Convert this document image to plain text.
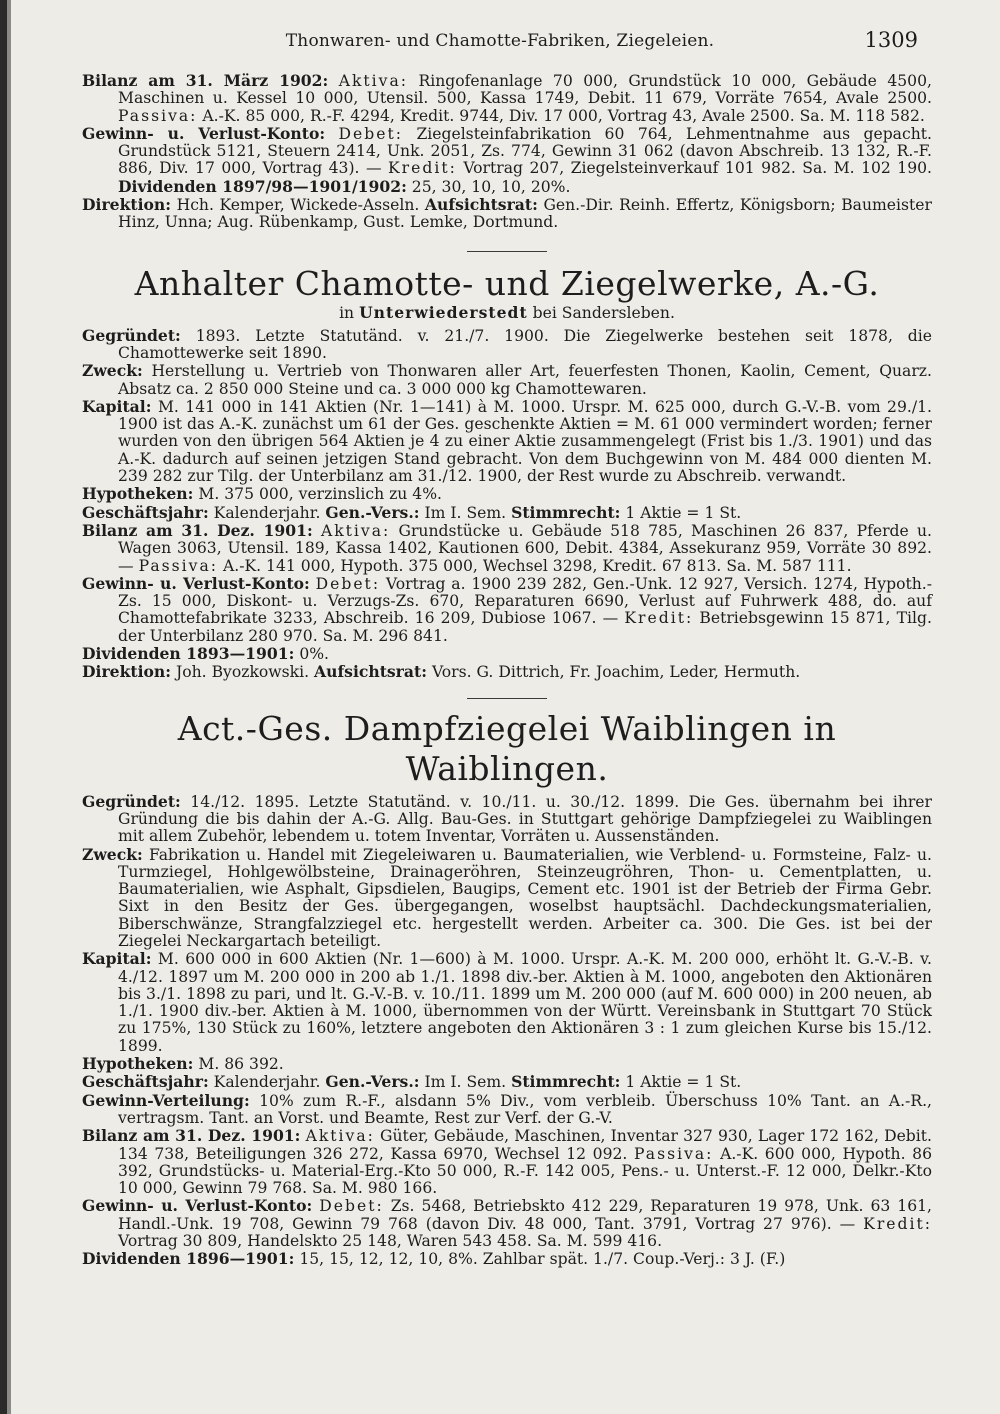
Thonwaren- und Chamotte-Fabriken, Ziegeleien.	1309

Bilanz am 31. März 1902: Aktiva: Ringofenanlage 70 000, Grundstück 10 000, Gebäude 4500, Maschinen u. Kessel 10 000, Utensil. 500, Kassa 1749, Debit. 11 679, Vorräte 7654, Avale 2500. Passiva: A.-K. 85 000, R.-F. 4294, Kredit. 9744, Div. 17 000, Vortrag 43, Avale 2500. Sa. M. 118 582.

Gewinn- u. Verlust-Konto: Debet: Ziegelsteinfabrikation 60 764, Lehmentnahme aus gepacht. Grundstück 5121, Steuern 2414, Unk. 2051, Zs. 774, Gewinn 31 062 (davon Abschreib. 13 132, R.-F. 886, Div. 17 000, Vortrag 43). — Kredit: Vortrag 207, Ziegelsteinverkauf 101 982. Sa. M. 102 190. Dividenden 1897/98—1901/1902: 25, 30, 10, 10, 20%.

Direktion: Hch. Kemper, Wickede-Asseln. Aufsichtsrat: Gen.-Dir. Reinh. Effertz, Königsborn; Baumeister Hinz, Unna; Aug. Rübenkamp, Gust. Lemke, Dortmund.

Anhalter Chamotte- und Ziegelwerke, A.-G.

in Unterwiederstedt bei Sandersleben.

Gegründet: 1893. Letzte Statutänd. v. 21./7. 1900. Die Ziegelwerke bestehen seit 1878, die Chamottewerke seit 1890.

Zweck: Herstellung u. Vertrieb von Thonwaren aller Art, feuerfesten Thonen, Kaolin, Cement, Quarz. Absatz ca. 2 850 000 Steine und ca. 3 000 000 kg Chamottewaren.

Kapital: M. 141 000 in 141 Aktien (Nr. 1—141) à M. 1000. Urspr. M. 625 000, durch G.-V.-B. vom 29./1. 1900 ist das A.-K. zunächst um 61 der Ges. geschenkte Aktien = M. 61 000 vermindert worden; ferner wurden von den übrigen 564 Aktien je 4 zu einer Aktie zusammengelegt (Frist bis 1./3. 1901) und das A.-K. dadurch auf seinen jetzigen Stand gebracht. Von dem Buchgewinn von M. 484 000 dienten M. 239 282 zur Tilg. der Unterbilanz am 31./12. 1900, der Rest wurde zu Abschreib. verwandt.

Hypotheken: M. 375 000, verzinslich zu 4%.

Geschäftsjahr: Kalenderjahr. Gen.-Vers.: Im I. Sem. Stimmrecht: 1 Aktie = 1 St.

Bilanz am 31. Dez. 1901: Aktiva: Grundstücke u. Gebäude 518 785, Maschinen 26 837, Pferde u. Wagen 3063, Utensil. 189, Kassa 1402, Kautionen 600, Debit. 4384, Assekuranz 959, Vorräte 30 892. — Passiva: A.-K. 141 000, Hypoth. 375 000, Wechsel 3298, Kredit. 67 813. Sa. M. 587 111.

Gewinn- u. Verlust-Konto: Debet: Vortrag a. 1900 239 282, Gen.-Unk. 12 927, Versich. 1274, Hypoth.-Zs. 15 000, Diskont- u. Verzugs-Zs. 670, Reparaturen 6690, Verlust auf Fuhrwerk 488, do. auf Chamottefabrikate 3233, Abschreib. 16 209, Dubiose 1067. — Kredit: Betriebsgewinn 15 871, Tilg. der Unterbilanz 280 970. Sa. M. 296 841.

Dividenden 1893—1901: 0%.

Direktion: Joh. Byozkowski. Aufsichtsrat: Vors. G. Dittrich, Fr. Joachim, Leder, Hermuth.

Act.-Ges. Dampfziegelei Waiblingen in Waiblingen.

Gegründet: 14./12. 1895. Letzte Statutänd. v. 10./11. u. 30./12. 1899. Die Ges. übernahm bei ihrer Gründung die bis dahin der A.-G. Allg. Bau-Ges. in Stuttgart gehörige Dampfziegelei zu Waiblingen mit allem Zubehör, lebendem u. totem Inventar, Vorräten u. Aussenständen.

Zweck: Fabrikation u. Handel mit Ziegeleiwaren u. Baumaterialien, wie Verblend- u. Formsteine, Falz- u. Turmziegel, Hohlgewölbsteine, Drainageröhren, Steinzeugröhren, Thon- u. Cementplatten, u. Baumaterialien, wie Asphalt, Gipsdielen, Baugips, Cement etc. 1901 ist der Betrieb der Firma Gebr. Sixt in den Besitz der Ges. übergegangen, woselbst hauptsächl. Dachdeckungsmaterialien, Biberschwänze, Strangfalzziegel etc. hergestellt werden. Arbeiter ca. 300. Die Ges. ist bei der Ziegelei Neckargartach beteiligt.

Kapital: M. 600 000 in 600 Aktien (Nr. 1—600) à M. 1000. Urspr. A.-K. M. 200 000, erhöht lt. G.-V.-B. v. 4./12. 1897 um M. 200 000 in 200 ab 1./1. 1898 div.-ber. Aktien à M. 1000, angeboten den Aktionären bis 3./1. 1898 zu pari, und lt. G.-V.-B. v. 10./11. 1899 um M. 200 000 (auf M. 600 000) in 200 neuen, ab 1./1. 1900 div.-ber. Aktien à M. 1000, übernommen von der Württ. Vereinsbank in Stuttgart 70 Stück zu 175%, 130 Stück zu 160%, letztere angeboten den Aktionären 3 : 1 zum gleichen Kurse bis 15./12. 1899.

Hypotheken: M. 86 392.

Geschäftsjahr: Kalenderjahr. Gen.-Vers.: Im I. Sem. Stimmrecht: 1 Aktie = 1 St.

Gewinn-Verteilung: 10% zum R.-F., alsdann 5% Div., vom verbleib. Überschuss 10% Tant. an A.-R., vertragsm. Tant. an Vorst. und Beamte, Rest zur Verf. der G.-V.

Bilanz am 31. Dez. 1901: Aktiva: Güter, Gebäude, Maschinen, Inventar 327 930, Lager 172 162, Debit. 134 738, Beteiligungen 326 272, Kassa 6970, Wechsel 12 092. Passiva: A.-K. 600 000, Hypoth. 86 392, Grundstücks- u. Material-Erg.-Kto 50 000, R.-F. 142 005, Pens.- u. Unterst.-F. 12 000, Delkr.-Kto 10 000, Gewinn 79 768. Sa. M. 980 166.

Gewinn- u. Verlust-Konto: Debet: Zs. 5468, Betriebskto 412 229, Reparaturen 19 978, Unk. 63 161, Handl.-Unk. 19 708, Gewinn 79 768 (davon Div. 48 000, Tant. 3791, Vortrag 27 976). — Kredit: Vortrag 30 809, Handelskto 25 148, Waren 543 458. Sa. M. 599 416.

Dividenden 1896—1901: 15, 15, 12, 12, 10, 8%. Zahlbar spät. 1./7. Coup.-Verj.: 3 J. (F.)
